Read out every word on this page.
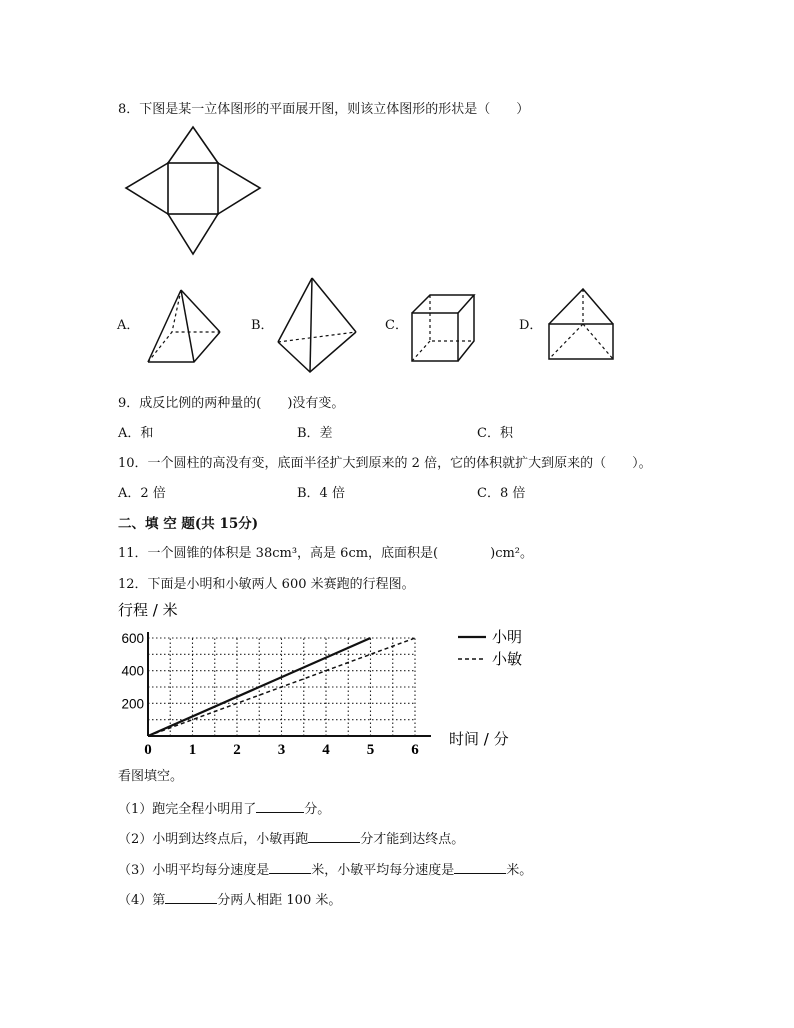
8．下图是某一立体图形的平面展开图，则该立体图形的形状是（　　）
A．	B．	C．	D．
9．成反比例的两种量的(　　)没有变。
A．和	B．差	C．积
10．一个圆柱的高没有变，底面半径扩大到原来的 2 倍，它的体积就扩大到原来的（　　）。
A．2 倍	B．4 倍	C．8 倍
二、填 空 题(共 15分)
11．一个圆锥的体积是 38cm³，高是 6cm，底面积是(	)cm²。
12．下面是小明和小敏两人 600 米赛跑的行程图。
0 1 2 3 4 5 6
200
400
600
行程 / 米
时间 / 分
小明
小敏
看图填空。
（1）跑完全程小明用了	分。
（2）小明到达终点后，小敏再跑	分才能到达终点。
（3）小明平均每分速度是	米，小敏平均每分速度是	米。
（4）第	分两人相距 100 米。
